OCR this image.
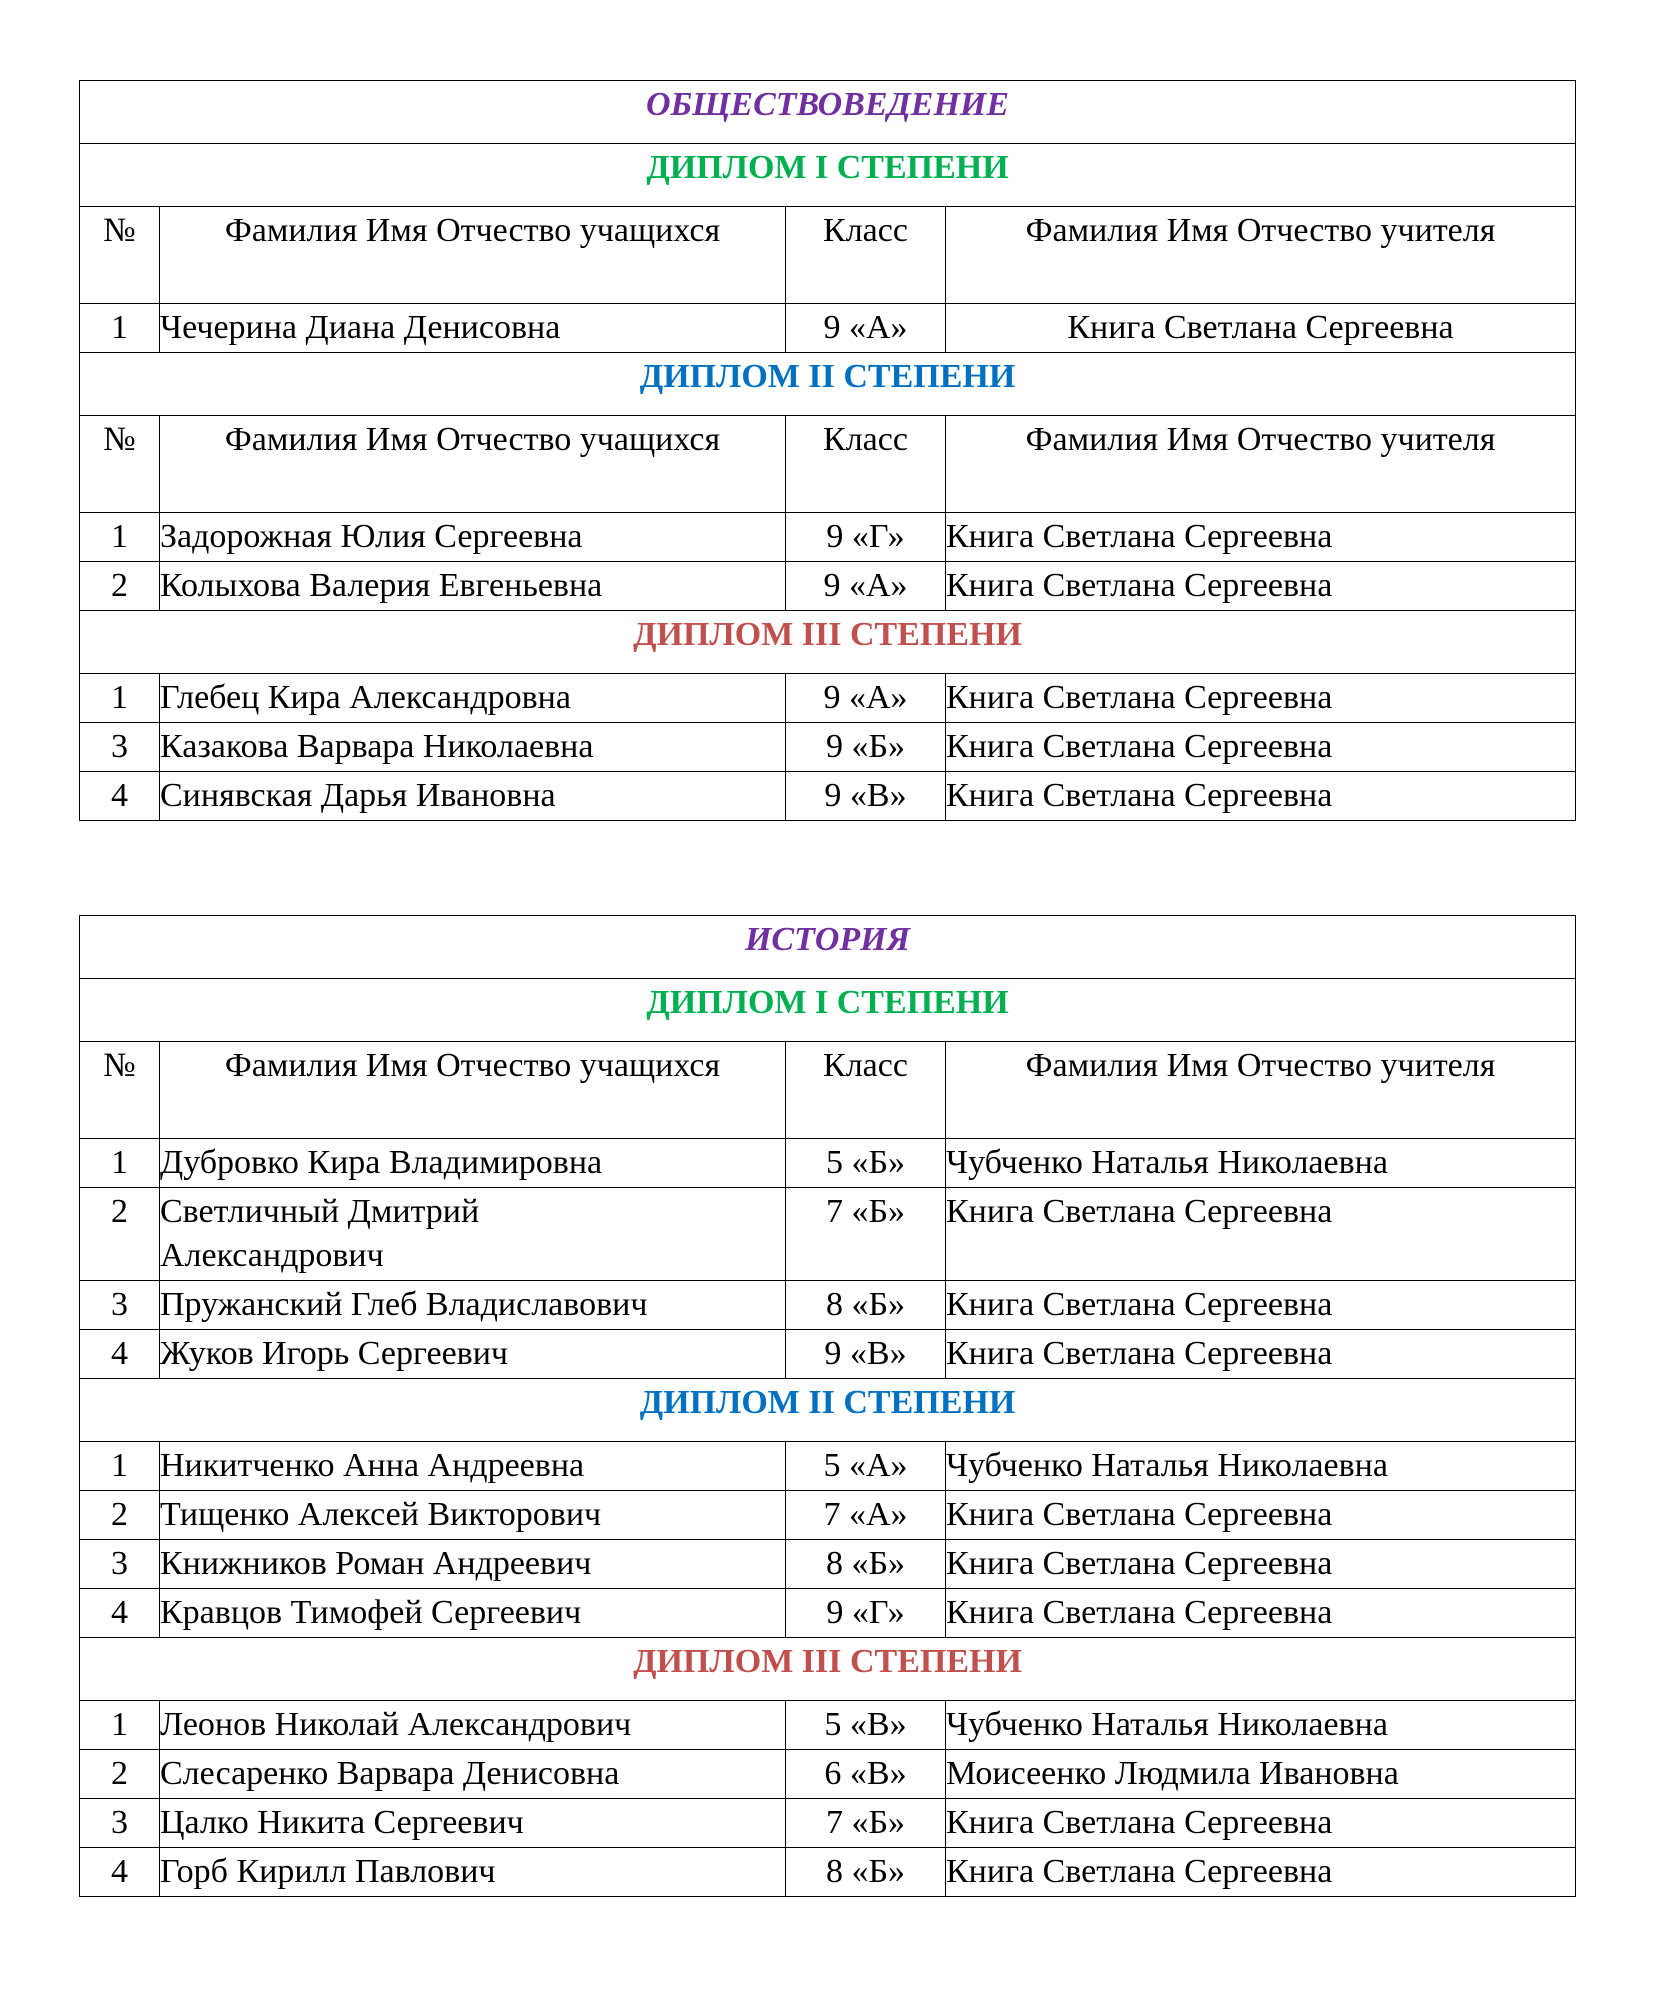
ОБЩЕСТВОВЕДЕНИЕ			
ДИПЛОМ I СТЕПЕНИ			
№	Фамилия Имя Отчество учащихся	Класс	Фамилия Имя Отчество учителя
1	Чечерина Диана Денисовна	9 «А»	Книга Светлана Сергеевна
ДИПЛОМ II СТЕПЕНИ			
№	Фамилия Имя Отчество учащихся	Класс	Фамилия Имя Отчество учителя
1	Задорожная Юлия Сергеевна	9 «Г»	Книга Светлана Сергеевна
2	Колыхова Валерия Евгеньевна	9 «А»	Книга Светлана Сергеевна
ДИПЛОМ III СТЕПЕНИ			
1	Глебец Кира Александровна	9 «А»	Книга Светлана Сергеевна
3	Казакова Варвара Николаевна	9 «Б»	Книга Светлана Сергеевна
4	Синявская Дарья Ивановна	9 «В»	Книга Светлана Сергеевна
ИСТОРИЯ			
ДИПЛОМ I СТЕПЕНИ			
№	Фамилия Имя Отчество учащихся	Класс	Фамилия Имя Отчество учителя
1	Дубровко Кира Владимировна	5 «Б»	Чубченко Наталья Николаевна
2	Светличный Дмитрий Александрович	7 «Б»	Книга Светлана Сергеевна
3	Пружанский Глеб Владиславович	8 «Б»	Книга Светлана Сергеевна
4	Жуков Игорь Сергеевич	9 «В»	Книга Светлана Сергеевна
ДИПЛОМ II СТЕПЕНИ			
1	Никитченко Анна Андреевна	5 «А»	Чубченко Наталья Николаевна
2	Тищенко Алексей Викторович	7 «А»	Книга Светлана Сергеевна
3	Книжников Роман Андреевич	8 «Б»	Книга Светлана Сергеевна
4	Кравцов Тимофей Сергеевич	9 «Г»	Книга Светлана Сергеевна
ДИПЛОМ III СТЕПЕНИ			
1	Леонов Николай Александрович	5 «В»	Чубченко Наталья Николаевна
2	Слесаренко Варвара Денисовна	6 «В»	Моисеенко Людмила Ивановна
3	Цалко Никита Сергеевич	7 «Б»	Книга Светлана Сергеевна
4	Горб Кирилл Павлович	8 «Б»	Книга Светлана Сергеевна
